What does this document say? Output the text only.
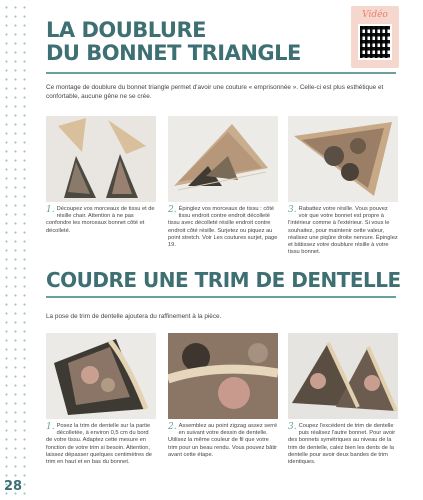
28
LA DOUBLURE
DU BONNET TRIANGLE
Vidéo

Ce montage de doublure du bonnet triangle permet d'avoir une couture « emprisonnée ». Celle-ci est plus esthétique et confortable, aucune gêne ne se crée.

1. Découpez vos morceaux de tissu et de résille chair. Attention à ne pas confondre les morceaux bonnet côté et décolleté.
2. Épinglez vos morceaux de tissu : côté tissu endroit contre endroit décolleté tissu avec décolleté résille endroit contre endroit côté résille. Surjetez ou piquez au point stretch. Voir Les coutures surjet, page 19.
3. Rabattez votre résille. Vous pouvez voir que votre bonnet est propre à l'intérieur comme à l'extérieur. Si vous le souhaitez, pour maintenir cette valeur, réalisez une piqûre droite nervure. Épinglez et bâtissez votre doublure résille à votre tissu bonnet.
COUDRE UNE TRIM DE DENTELLE

La pose de trim de dentelle ajoutera du raffinement à la pièce.

1. Posez la trim de dentelle sur la partie décolletée, à environ 0,5 cm du bord de votre tissu. Adaptez cette mesure en fonction de votre trim si besoin. Attention, laissez dépasser quelques centimètres de trim en haut et en bas du bonnet.
2. Assemblez au point zigzag assez serré en suivant votre dessin de dentelle. Utilisez la même couleur de fil que votre trim pour un beau rendu. Vous pouvez bâtir avant cette étape.
3. Coupez l'excédent de trim de dentelle puis réalisez l'autre bonnet. Pour avoir des bonnets symétriques au niveau de la trim de dentelle, calez bien les dents de la dentelle pour avoir deux bandes de trim identiques.
